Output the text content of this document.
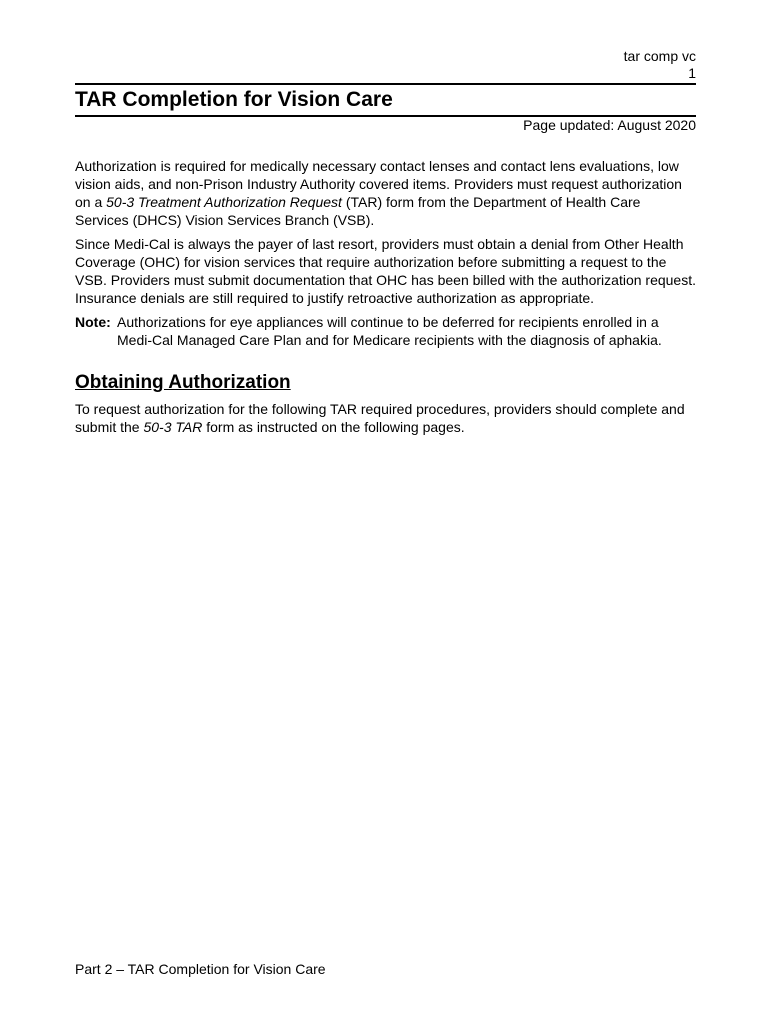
tar comp vc
1
TAR Completion for Vision Care
Page updated: August 2020

Authorization is required for medically necessary contact lenses and contact lens evaluations, low vision aids, and non-Prison Industry Authority covered items. Providers must request authorization on a 50-3 Treatment Authorization Request (TAR) form from the Department of Health Care Services (DHCS) Vision Services Branch (VSB).

Since Medi-Cal is always the payer of last resort, providers must obtain a denial from Other Health Coverage (OHC) for vision services that require authorization before submitting a request to the VSB. Providers must submit documentation that OHC has been billed with the authorization request. Insurance denials are still required to justify retroactive authorization as appropriate.

Note: Authorizations for eye appliances will continue to be deferred for recipients enrolled in a Medi-Cal Managed Care Plan and for Medicare recipients with the diagnosis of aphakia.
Obtaining Authorization

To request authorization for the following TAR required procedures, providers should complete and submit the 50-3 TAR form as instructed on the following pages.

Part 2 – TAR Completion for Vision Care
